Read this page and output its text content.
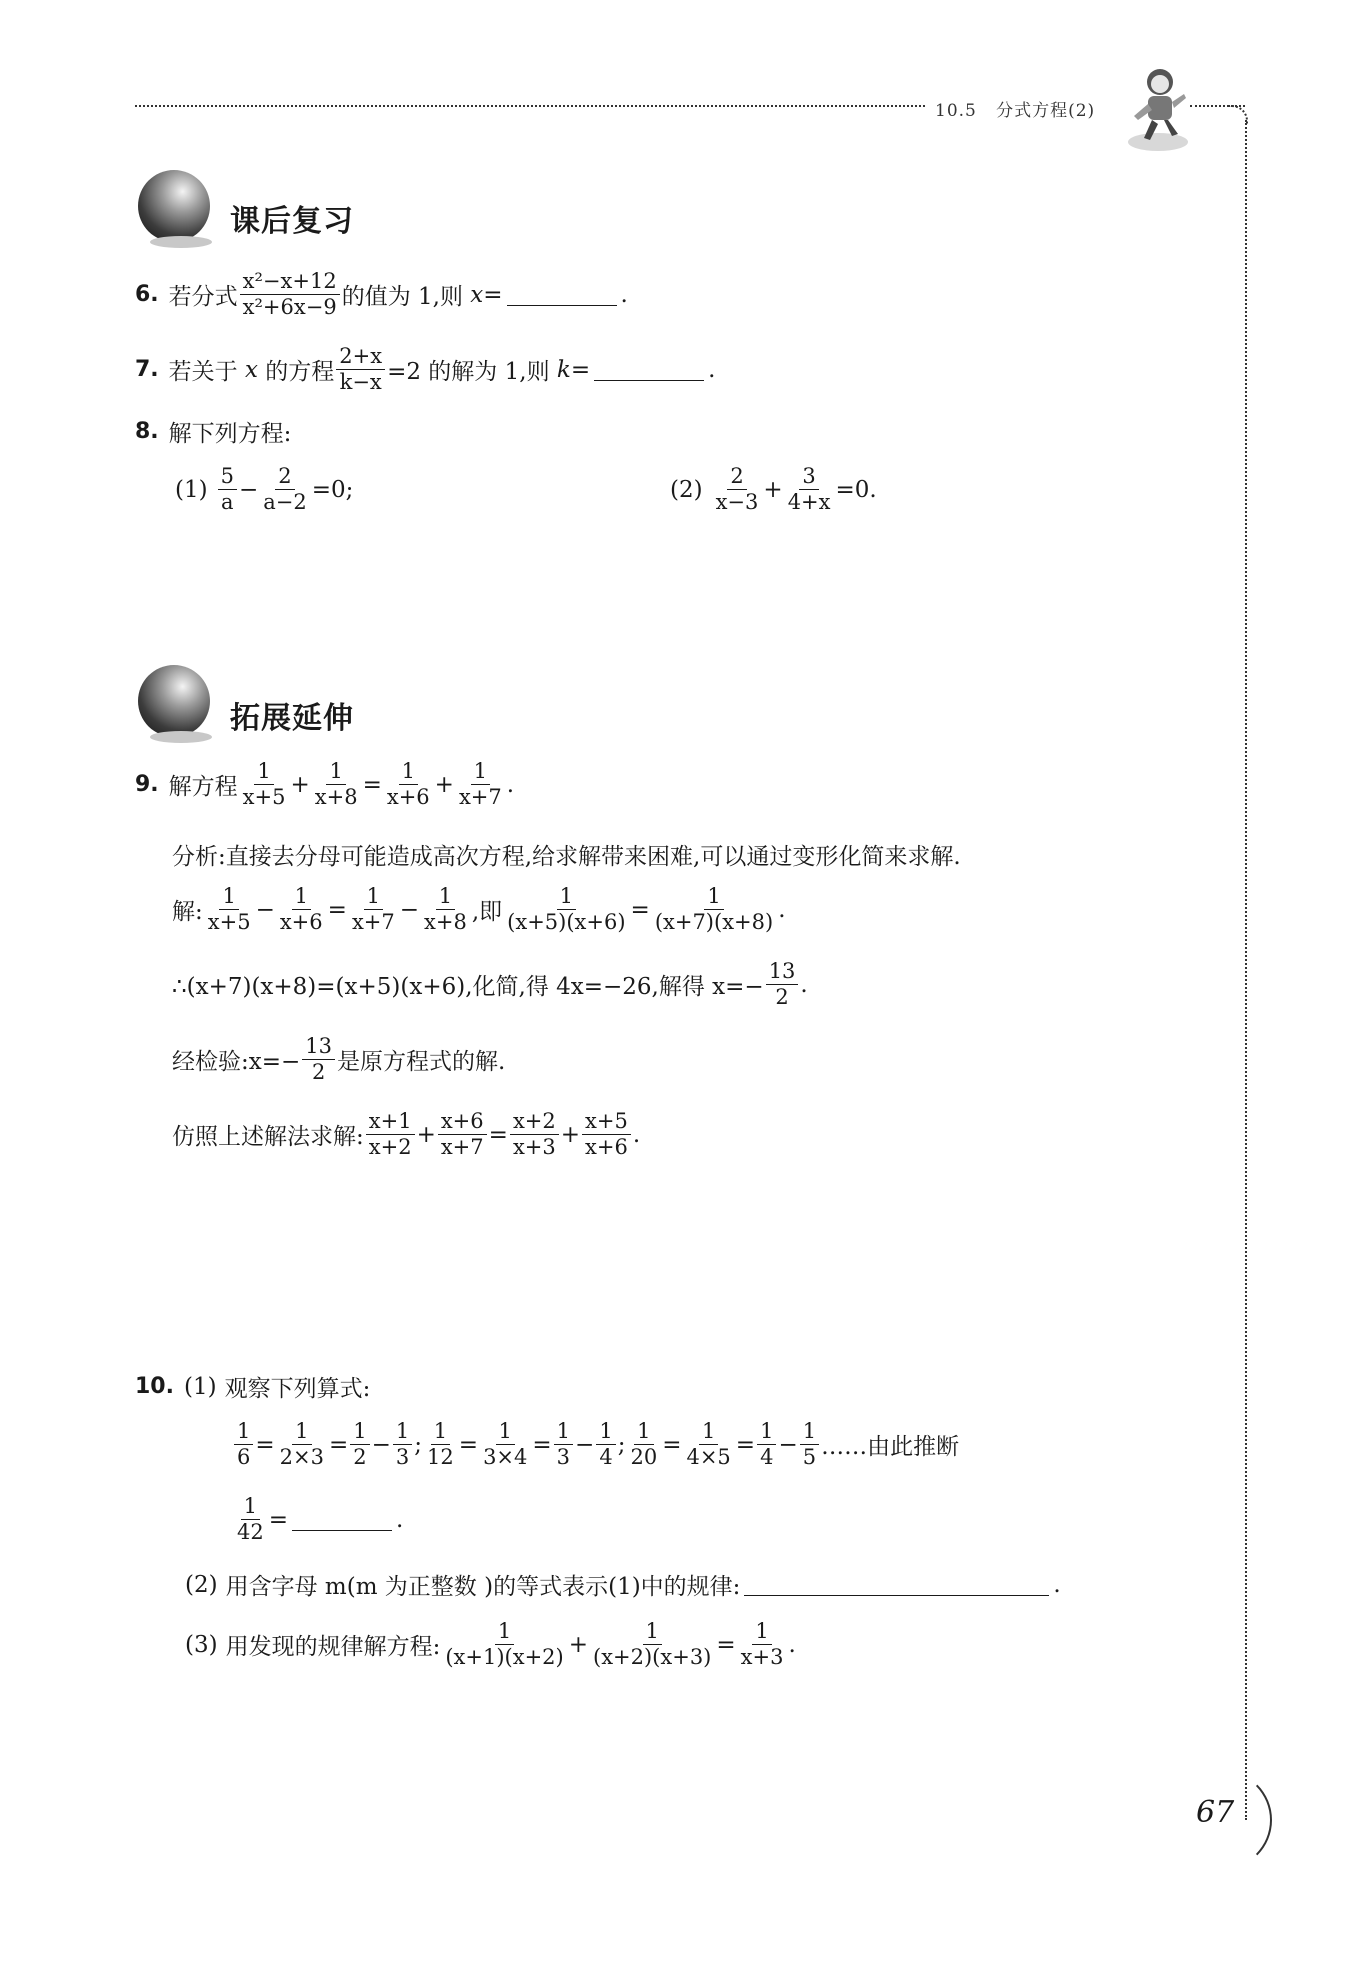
10.5 分式方程(2)
课后复习
6. 若分式 $\frac{\text{x²−x+12}}{\text{x²+6x−9}}$ 的值为 1,则
x =	.
7. 若关于
x
的方程 $\frac{2+x}{k-x} =2$ 的解为 1,则
k =	.
8. 解下列方程:
$(1) \frac{5}{a} - \frac{2}{a-2} =0$;	$(2) \frac{2}{x-3} + \frac{3}{4+x} =0$.
拓展延伸
9. 解方程 $\frac{1}{x+5} + \frac{1}{x+8} = \frac{1}{x+6} + \frac{1}{x+7}$ .
分析:直接去分母可能造成高次方程,给求解带来困难,可以通过变形化简来求解.
解: $\frac{1}{x+5} - \frac{1}{x+6} = \frac{1}{x+7} - \frac{1}{x+8}$ ,即 $\frac{1}{(x+5)(x+6)} = \frac{1}{(x+7)(x+8)}$ .
∴(x+7)(x+8)=(x+5)(x+6),化简,得 4x=−26,解得 $x=- \frac{13}{2}$ .
经检验:x=− $\frac{13}{2}$ 是原方程式的解.
仿照上述解法求解: $\frac{x+1}{x+2} + \frac{x+6}{x+7} = \frac{x+2}{x+3} + \frac{x+5}{x+6}$ .
10. (1) 观察下列算式:
$\frac{1}{6} = \frac{1}{2\times 3} = \frac{1}{2} - \frac{1}{3}$ ; $\frac{1}{12} = \frac{1}{3\times 4} = \frac{1}{3} - \frac{1}{4}$ ; $\frac{1}{20} = \frac{1}{4\times 5} = \frac{1}{4} - \frac{1}{5}$ ……由此推断
$\frac{1}{42}$ =	.
(2) 用含字母 m(m 为正整数 )的等式表示(1)中的规律:	.
(3) 用发现的规律解方程: $\frac{1}{(x+1)(x+2)} + \frac{1}{(x+2)(x+3)} = \frac{1}{x+3}$ .
67
